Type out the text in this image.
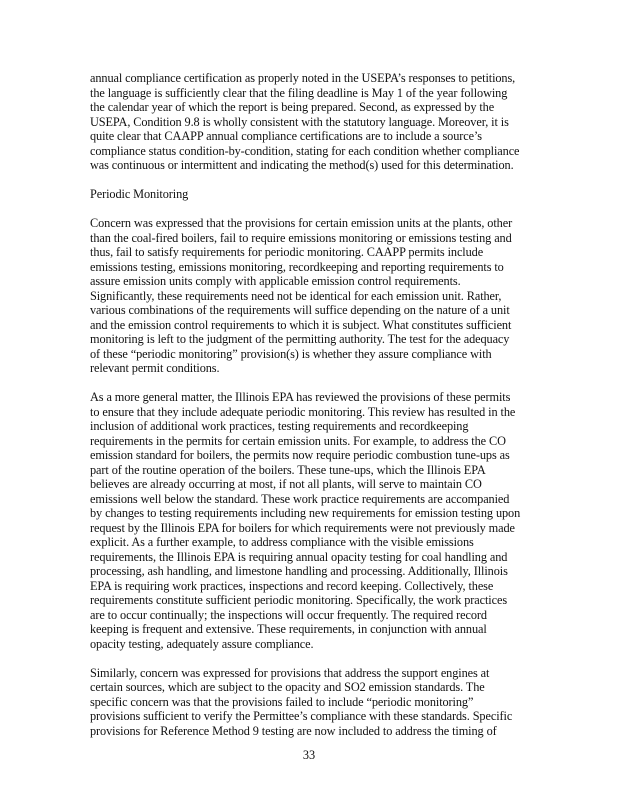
annual compliance certification as properly noted in the USEPA’s responses to petitions,
the language is sufficiently clear that the filing deadline is May 1 of the year following
the calendar year of which the report is being prepared. Second, as expressed by the
USEPA, Condition 9.8 is wholly consistent with the statutory language. Moreover, it is
quite clear that CAAPP annual compliance certifications are to include a source’s
compliance status condition-by-condition, stating for each condition whether compliance
was continuous or intermittent and indicating the method(s) used for this determination.
Periodic Monitoring
Concern was expressed that the provisions for certain emission units at the plants, other
than the coal-fired boilers, fail to require emissions monitoring or emissions testing and
thus, fail to satisfy requirements for periodic monitoring. CAAPP permits include
emissions testing, emissions monitoring, recordkeeping and reporting requirements to
assure emission units comply with applicable emission control requirements.
Significantly, these requirements need not be identical for each emission unit. Rather,
various combinations of the requirements will suffice depending on the nature of a unit
and the emission control requirements to which it is subject. What constitutes sufficient
monitoring is left to the judgment of the permitting authority. The test for the adequacy
of these “periodic monitoring” provision(s) is whether they assure compliance with
relevant permit conditions.
As a more general matter, the Illinois EPA has reviewed the provisions of these permits
to ensure that they include adequate periodic monitoring. This review has resulted in the
inclusion of additional work practices, testing requirements and recordkeeping
requirements in the permits for certain emission units. For example, to address the CO
emission standard for boilers, the permits now require periodic combustion tune-ups as
part of the routine operation of the boilers. These tune-ups, which the Illinois EPA
believes are already occurring at most, if not all plants, will serve to maintain CO
emissions well below the standard. These work practice requirements are accompanied
by changes to testing requirements including new requirements for emission testing upon
request by the Illinois EPA for boilers for which requirements were not previously made
explicit. As a further example, to address compliance with the visible emissions
requirements, the Illinois EPA is requiring annual opacity testing for coal handling and
processing, ash handling, and limestone handling and processing. Additionally, Illinois
EPA is requiring work practices, inspections and record keeping. Collectively, these
requirements constitute sufficient periodic monitoring. Specifically, the work practices
are to occur continually; the inspections will occur frequently. The required record
keeping is frequent and extensive. These requirements, in conjunction with annual
opacity testing, adequately assure compliance.
Similarly, concern was expressed for provisions that address the support engines at
certain sources, which are subject to the opacity and SO2 emission standards. The
specific concern was that the provisions failed to include “periodic monitoring”
provisions sufficient to verify the Permittee’s compliance with these standards. Specific
provisions for Reference Method 9 testing are now included to address the timing of
33
